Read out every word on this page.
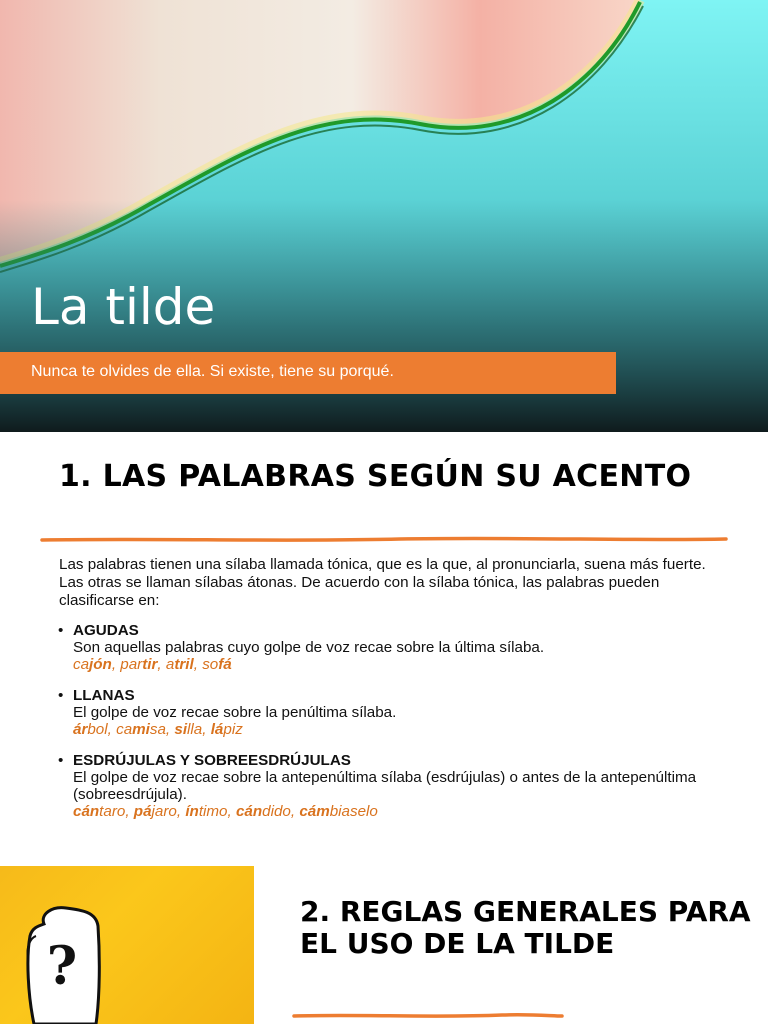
La tilde
Nunca te olvides de ella. Si existe, tiene su porqué.
1. LAS PALABRAS SEGÚN SU ACENTO

Las palabras tienen una sílaba llamada tónica, que es la que, al pronunciarla, suena más fuerte. Las otras se llaman sílabas átonas. De acuerdo con la sílaba tónica, las palabras pueden clasificarse en:

• AGUDAS
Son aquellas palabras cuyo golpe de voz recae sobre la última sílaba.
cajón, partir, atril, sofá
• LLANAS
El golpe de voz recae sobre la penúltima sílaba.
árbol, camisa, silla, lápiz
• ESDRÚJULAS Y SOBREESDRÚJULAS
El golpe de voz recae sobre la antepenúltima sílaba (esdrújulas) o antes de la antepenúltima (sobreesdrújula).
cántaro, pájaro, íntimo, cándido, cámbiaselo
?
2. REGLAS GENERALES PARA EL USO DE LA TILDE
